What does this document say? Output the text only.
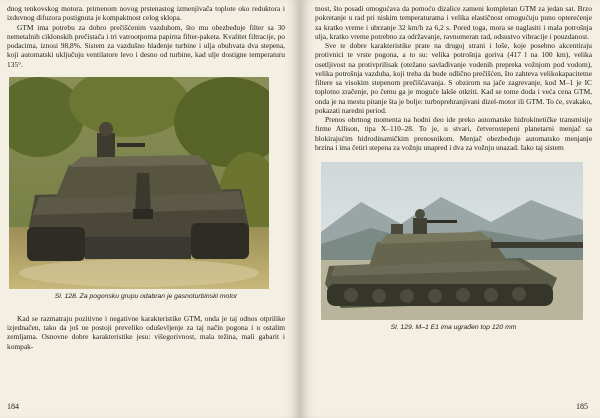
dnog tenkovskog motora. primenom novog prstenastog izmenjivača toplote oko reduktora i izduvnog difuzora postignuta je kompaktnost celog sklopa.

GTM ima potrebu za dobro prečišćenim vazduhom, što mu obezbeđuje filter sa 30 nemetalnih ciklonskih prečistača i tri vatrootporna papirna filter-paketa. Kvalitet filtracije, po podacima, iznosi 98,8%. Sistem za vazdušno hlađenje turbine i ulja obuhvata dva stepena, koji automatski uključuju ventilatore levo i desno od turbine, kad ulje dostigne temperaturu 135°.

Sl. 128. Za pogonsku grupu odabran je gasnoturbinski motor

Kad se razmatraju pozitivne i negativne karakteristike GTM, onda je taj odnos otprilike izjednačen, tako da još ne postoji preveliko oduševljenje za taj način pogona i u ostalim zemljama. Osnovne dobre karakteristike jesu: višegorivnost, mala težina, mali gabarit i kompak-

184

tnost, što posadi omogućava da pomoću dizalice zameni kompletan GTM za jedan sat. Brzo pokretanje u rad pri niskim temperaturama i velika elastičnost omogućuju puno opterećenje za kratko vreme i ubrzanje 32 km/h za 6,2 s. Pored toga, mora se naglasiti i mala potrošnja ulja, kratko vreme potrebno za održavanje, ravnomeran rad, odsustvo vibracije i pouzdanost.

Sve te dobre karakteristike prate na drugoj strani i loše, koje posebno akcentiraju protivnici te vrste pogona, a to su: velika potrošnja goriva (417 l na 100 km), velika osetljivost na protivprilisak (otežano savlađivanje vodenih prepreka vožnjom pod vodom), velika potrošnja vazduha, koji treba da bude odlično prečišćen, što zahteva velikokapacitetne filtere sa visokim stepenom prečišćavanja. S obzirom na jače zagrevanje, kod M–1 je IC toplotno zračenje, po čemu ga je moguće lakše otkriti. Kad se tome doda i veća cena GTM, onda je na mestu pitanje šta je bolje: turboprehranjivani dizel-motor ili GTM. To će, svakako, pokazati naredni period.

Prenos obrtnog momenta na hodni deo ide preko automatske hidrokinetičke transmisije firme Allison, tipa X–110–28. To je, u stvari, četverostepeni planetarni menjač sa blokirajućim hidrodinamičkim prenosnikom. Menjač obezbeđuje automatsko menjanje brzina i ima četiri stepena za vožnju unapred i dva za vožnju unazad. Iako taj sistem

Sl. 129. M–1 E1 ima ugrađen top 120 mm
185
